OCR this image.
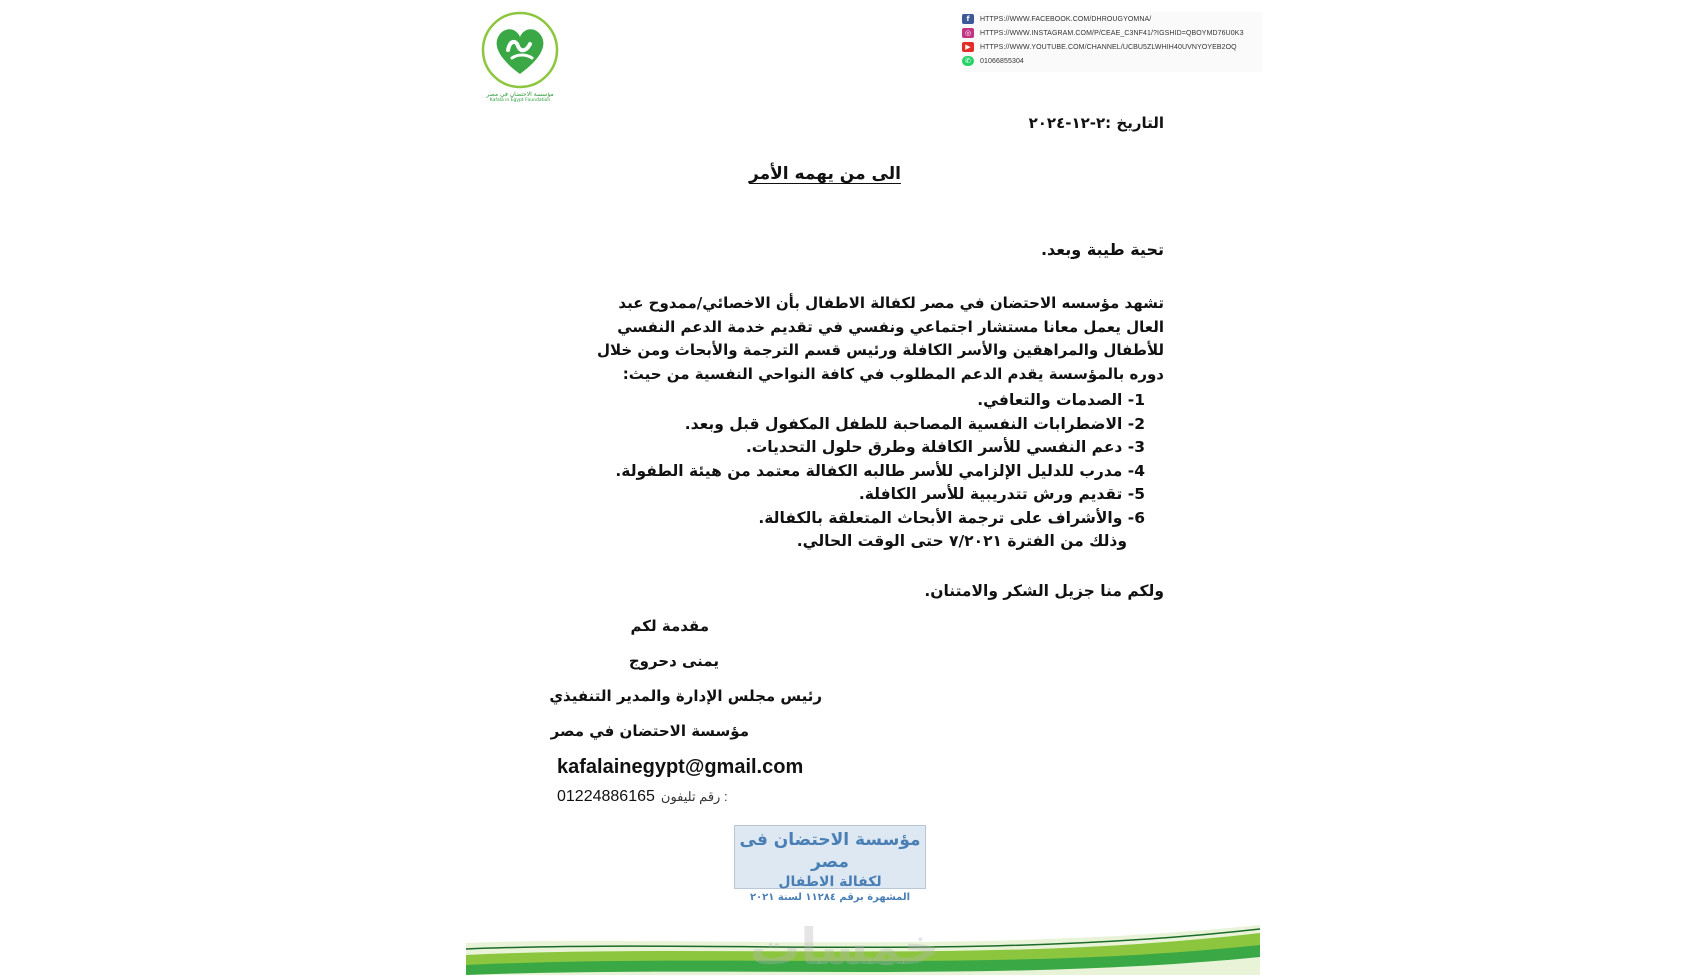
مؤسسة الاحتضان في مصر
Kafala in Egypt Foundation
f	HTTPS://WWW.FACEBOOK.COM/DHROUGYOMNA/
◎	HTTPS://WWW.INSTAGRAM.COM/P/CEAE_C3NF41/?IGSHID=QBOYMD76U0K3
▶	HTTPS://WWW.YOUTUBE.COM/CHANNEL/UCBU5ZLWHIH40UVNYOYEB2OQ
✆	01066855304
التاريخ :٢-١٢-٢٠٢٤
الى من يهمه الأمر
تحية طيبة وبعد.
تشهد مؤسسه الاحتضان في مصر لكفالة الاطفال بأن الاخصائي/ممدوح عبد العال يعمل معانا مستشار اجتماعي ونفسي في تقديم خدمة الدعم النفسي للأطفال والمراهقين والأسر الكافلة ورئيس قسم الترجمة والأبحاث ومن خلال دوره بالمؤسسة يقدم الدعم المطلوب في كافة النواحي النفسية من حيث:
1- الصدمات والتعافي.
2- الاضطرابات النفسية المصاحبة للطفل المكفول قبل وبعد.
3- دعم النفسي للأسر الكافلة وطرق حلول التحديات.
4- مدرب للدليل الإلزامي للأسر طالبه الكفالة معتمد من هيئة الطفولة.
5- تقديم ورش تتدريبية للأسر الكافلة.
6- والأشراف على ترجمة الأبحاث المتعلقة بالكفالة.
وذلك من الفترة ٧/٢٠٢١ حتى الوقت الحالي.
ولكم منا جزيل الشكر والامتنان.
مقدمة لكم
يمنى دحروج
رئيس مجلس الإدارة والمدير التنفيذي
مؤسسة الاحتضان في مصر
kafalainegypt@gmail.com
01224886165 رقم تليفون :
مؤسسة الاحتضان فى مصر
لكفالة الاطفال
المشهرة برقم ١١٢٨٤ لسنة ٢٠٢١
خمسات
